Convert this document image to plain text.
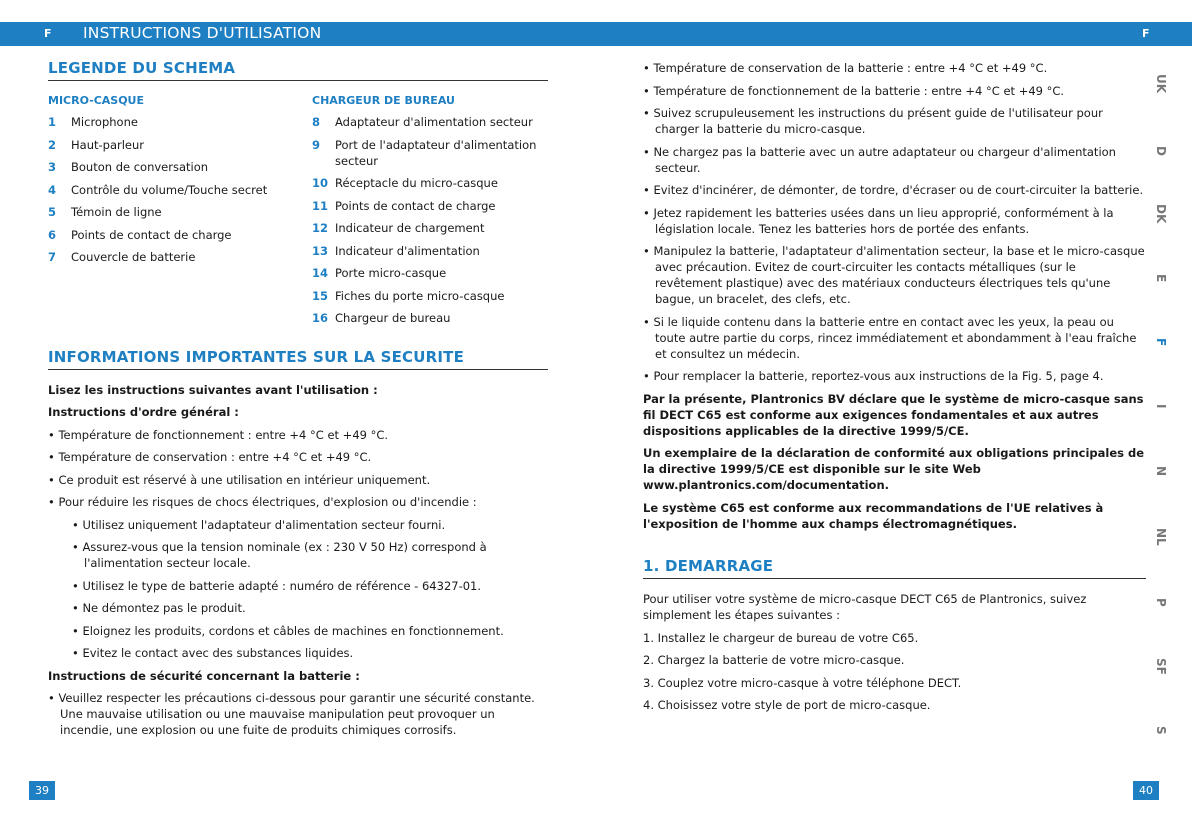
F INSTRUCTIONS D'UTILISATION	F
LEGENDE DU SCHEMA
MICRO-CASQUE
1	Microphone
2	Haut-parleur
3	Bouton de conversation
4	Contrôle du volume/Touche secret
5	Témoin de ligne
6	Points de contact de charge
7	Couvercle de batterie
CHARGEUR DE BUREAU
8	Adaptateur d'alimentation secteur
9	Port de l'adaptateur d'alimentation secteur
10 Réceptacle du micro-casque
11 Points de contact de charge
12 Indicateur de chargement
13 Indicateur d'alimentation
14 Porte micro-casque
15 Fiches du porte micro-casque
16 Chargeur de bureau
INFORMATIONS IMPORTANTES SUR LA SECURITE
Lisez les instructions suivantes avant l'utilisation :
Instructions d'ordre général :
• Température de fonctionnement : entre +4 °C et +49 °C.
• Température de conservation : entre +4 °C et +49 °C.
• Ce produit est réservé à une utilisation en intérieur uniquement.
• Pour réduire les risques de chocs électriques, d'explosion ou d'incendie :
• Utilisez uniquement l'adaptateur d'alimentation secteur fourni.
• Assurez-vous que la tension nominale (ex : 230 V 50 Hz) correspond à l'alimentation secteur locale.
• Utilisez le type de batterie adapté : numéro de référence - 64327-01.
• Ne démontez pas le produit.
• Eloignez les produits, cordons et câbles de machines en fonctionnement.
• Evitez le contact avec des substances liquides.
Instructions de sécurité concernant la batterie :
• Veuillez respecter les précautions ci-dessous pour garantir une sécurité constante. Une mauvaise utilisation ou une mauvaise manipulation peut provoquer un incendie, une explosion ou une fuite de produits chimiques corrosifs.
• Température de conservation de la batterie : entre +4 °C et +49 °C.
• Température de fonctionnement de la batterie : entre +4 °C et +49 °C.
• Suivez scrupuleusement les instructions du présent guide de l'utilisateur pour charger la batterie du micro-casque.
• Ne chargez pas la batterie avec un autre adaptateur ou chargeur d'alimentation secteur.
• Evitez d'incinérer, de démonter, de tordre, d'écraser ou de court-circuiter la batterie.
• Jetez rapidement les batteries usées dans un lieu approprié, conformément à la législation locale. Tenez les batteries hors de portée des enfants.
• Manipulez la batterie, l'adaptateur d'alimentation secteur, la base et le micro-casque avec précaution. Evitez de court-circuiter les contacts métalliques (sur le revêtement plastique) avec des matériaux conducteurs électriques tels qu'une bague, un bracelet, des clefs, etc.
• Si le liquide contenu dans la batterie entre en contact avec les yeux, la peau ou toute autre partie du corps, rincez immédiatement et abondamment à l'eau fraîche et consultez un médecin.
• Pour remplacer la batterie, reportez-vous aux instructions de la Fig. 5, page 4.
Par la présente, Plantronics BV déclare que le système de micro-casque sans fil DECT C65 est conforme aux exigences fondamentales et aux autres dispositions applicables de la directive 1999/5/CE.
Un exemplaire de la déclaration de conformité aux obligations principales de la directive 1999/5/CE est disponible sur le site Web www.plantronics.com/documentation.
Le système C65 est conforme aux recommandations de l'UE relatives à l'exposition de l'homme aux champs électromagnétiques.
1. DEMARRAGE
Pour utiliser votre système de micro-casque DECT C65 de Plantronics, suivez simplement les étapes suivantes :
1. Installez le chargeur de bureau de votre C65.
2. Chargez la batterie de votre micro-casque.
3. Couplez votre micro-casque à votre téléphone DECT.
4. Choisissez votre style de port de micro-casque.
UK
D
DK
E
F
I
N
NL
P
SF
S
39	40
